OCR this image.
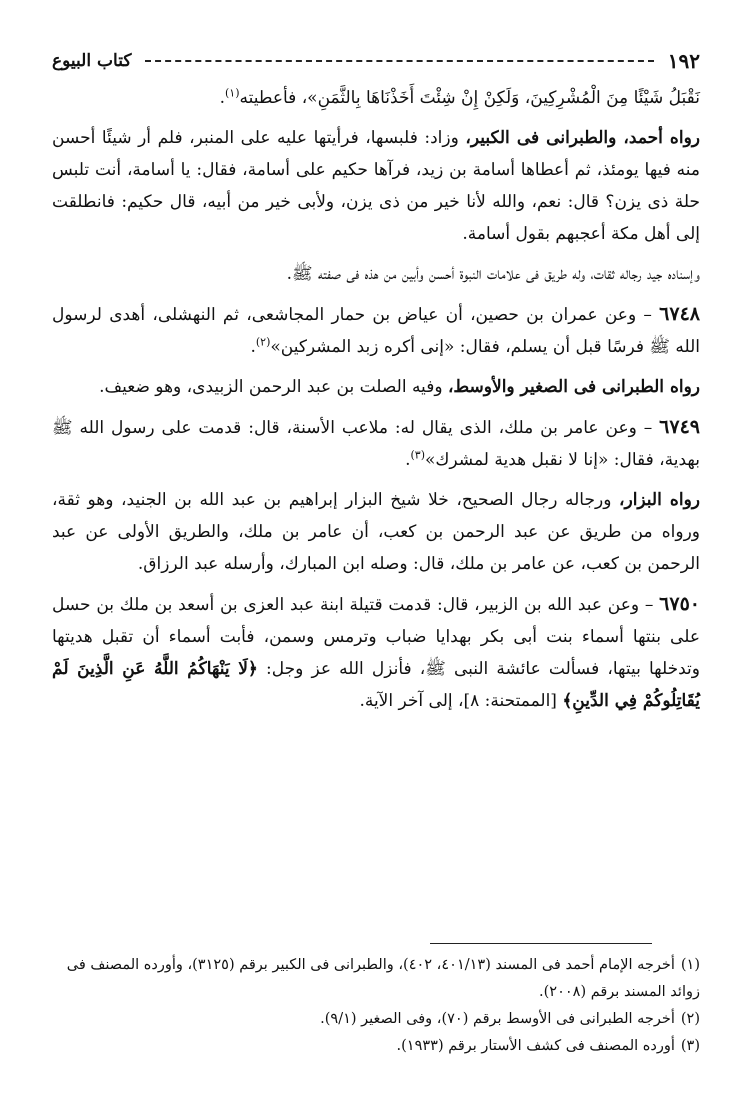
١٩٢
كتاب البيوع

نَقْبَلُ شَيْئًا مِنَ الْمُشْرِكِينَ، وَلَكِنْ إِنْ شِئْتَ أَخَذْنَاهَا بِالثَّمَنِ»، فأعطيته$^{(١)}$.

رواه أحمد، والطبرانى فى الكبير، وزاد: فلبسها، فرأيتها عليه على المنبر، فلم أر شيئًا أحسن منه فيها يومئذ، ثم أعطاها أسامة بن زيد، فرآها حكيم على أسامة، فقال: يا أسامة، أنت تلبس حلة ذى يزن؟ قال: نعم، والله لأنا خير من ذى يزن، ولأبى خير من أبيه، قال حكيم: فانطلقت إلى أهل مكة أعجبهم بقول أسامة.

وإسناده جيد رجاله ثقات، وله طريق فى علامات النبوة أحسن وأبين من هذه فى صفته ﷺ.

٦٧٤٨ – وعن عمران بن حصين، أن عياض بن حمار المجاشعى، ثم النهشلى، أهدى لرسول الله ﷺ فرسًا قبل أن يسلم، فقال: «إنى أكره زبد المشركين»$^{(٢)}$.

رواه الطبرانى فى الصغير والأوسط، وفيه الصلت بن عبد الرحمن الزبيدى، وهو ضعيف.

٦٧٤٩ – وعن عامر بن ملك، الذى يقال له: ملاعب الأسنة، قال: قدمت على رسول الله ﷺ بهدية، فقال: «إنا لا نقبل هدية لمشرك»$^{(٣)}$.

رواه البزار، ورجاله رجال الصحيح، خلا شيخ البزار إبراهيم بن عبد الله بن الجنيد، وهو ثقة، ورواه من طريق عن عبد الرحمن بن كعب، أن عامر بن ملك، والطريق الأولى عن عبد الرحمن بن كعب، عن عامر بن ملك، قال: وصله ابن المبارك، وأرسله عبد الرزاق.

٦٧٥٠ – وعن عبد الله بن الزبير، قال: قدمت قتيلة ابنة عبد العزى بن أسعد بن ملك بن حسل على بنتها أسماء بنت أبى بكر بهدايا ضباب وترمس وسمن، فأبت أسماء أن تقبل هديتها وتدخلها بيتها، فسألت عائشة النبى ﷺ، فأنزل الله عز وجل: ﴿لَا يَنْهَاكُمُ اللَّهُ عَنِ الَّذِينَ لَمْ يُقَاتِلُوكُمْ فِي الدِّينِ﴾ [الممتحنة: ٨]، إلى آخر الآية.

(١)أخرجه الإمام أحمد فى المسند (٤٠١/١٣، ٤٠٢)، والطبرانى فى الكبير برقم (٣١٢٥)، وأورده المصنف فى زوائد المسند برقم (٢٠٠٨).

(٢)أخرجه الطبرانى فى الأوسط برقم (٧٠)، وفى الصغير (٩/١).

(٣)أورده المصنف فى كشف الأستار برقم (١٩٣٣).
